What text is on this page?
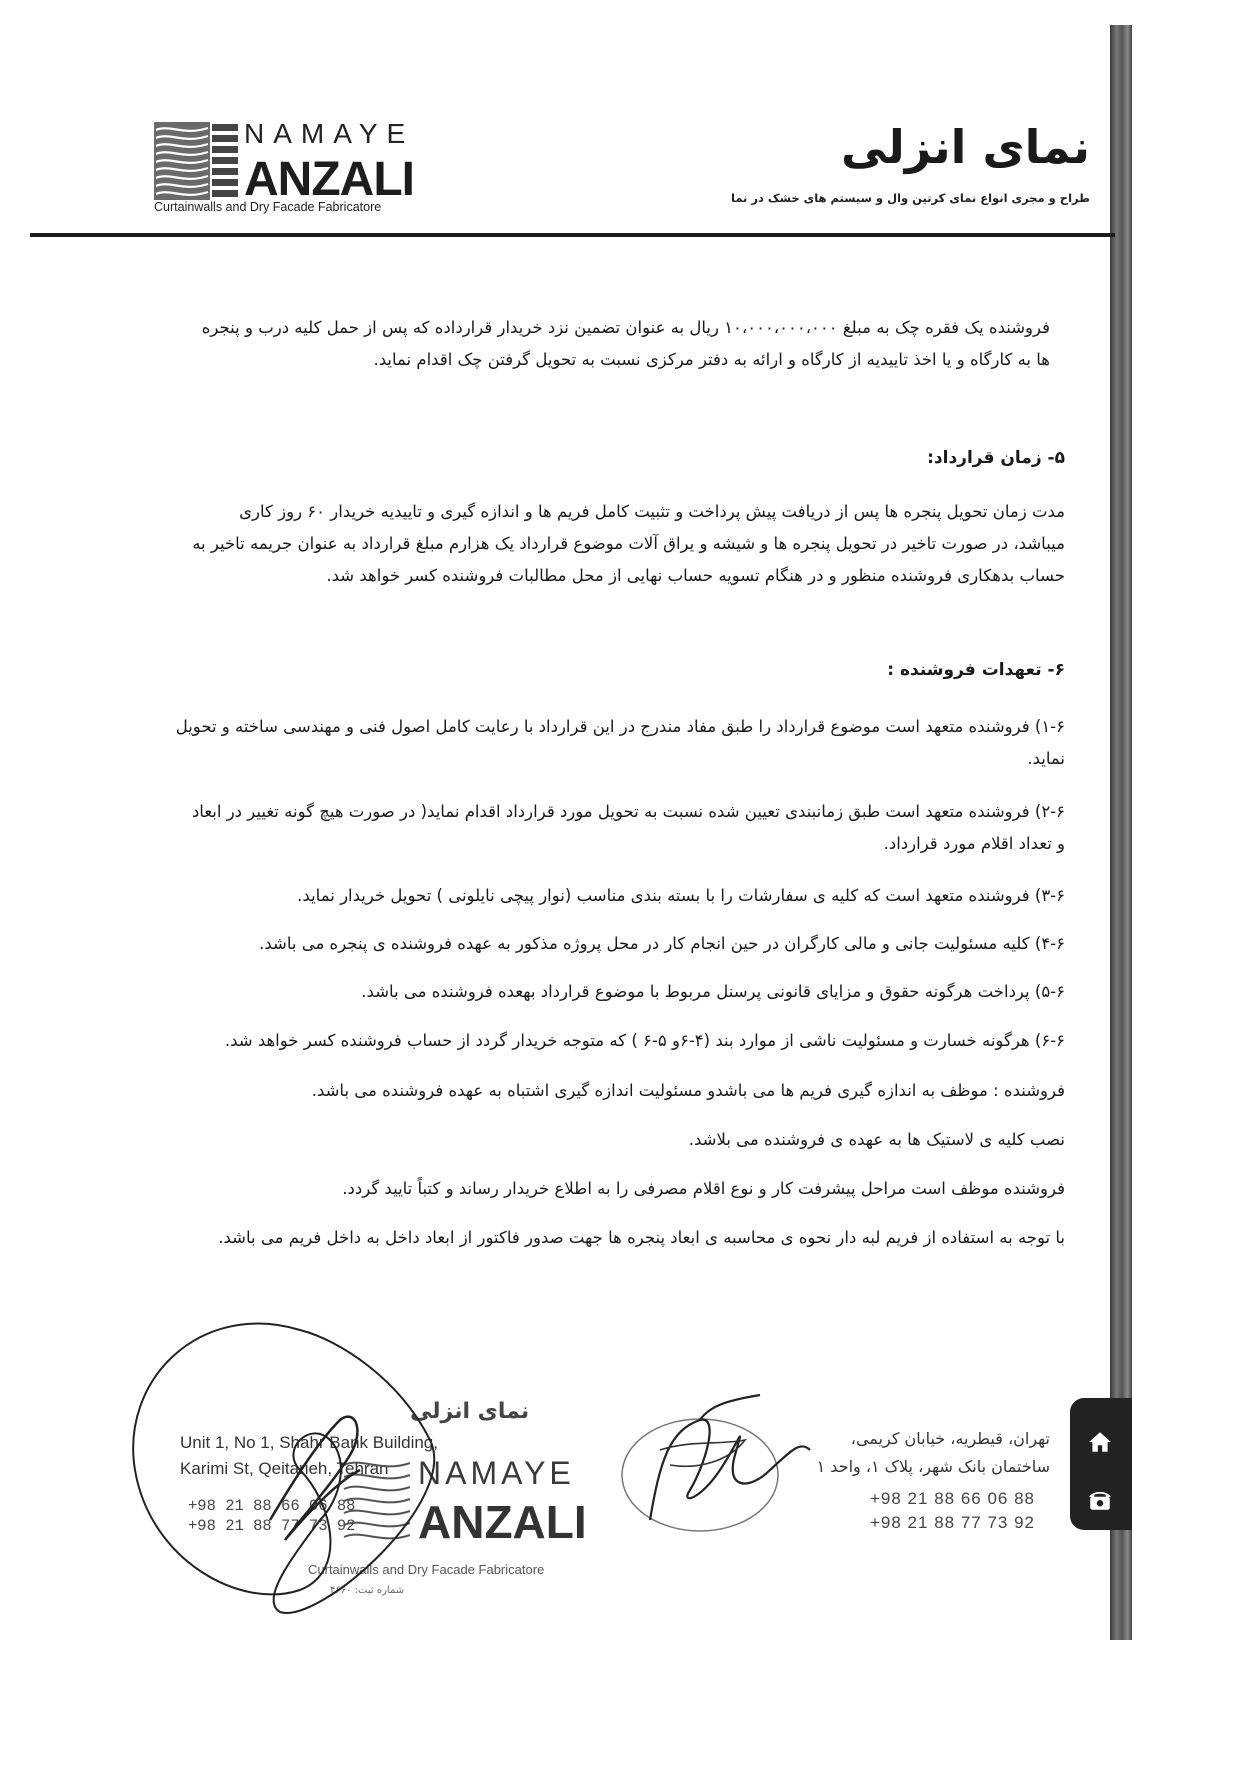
NAMAYE
ANZALI
Curtainwalls and Dry Facade Fabricatore
نمای انزلی
طراح و مجری انواع نمای کرتین وال و سیستم های خشک در نما
فروشنده یک فقره چک به مبلغ ۱۰،۰۰۰،۰۰۰،۰۰۰ ریال به عنوان تضمین نزد خریدار قرارداده که پس از حمل کلیه درب و پنجره
ها به کارگاه و یا اخذ تاییدیه از کارگاه و ارائه به دفتر مرکزی نسبت به تحویل گرفتن چک اقدام نماید.
۵- زمان قرارداد:
مدت زمان تحویل پنجره ها پس از دریافت پیش پرداخت و تثبیت کامل فریم ها و اندازه گیری و تاییدیه خریدار ۶۰ روز کاری
میباشد، در صورت تاخیر در تحویل پنجره ها و شیشه و یراق آلات موضوع قرارداد یک هزارم مبلغ قرارداد به عنوان جریمه تاخیر به
حساب بدهکاری فروشنده منظور و در هنگام تسویه حساب نهایی از محل مطالبات فروشنده کسر خواهد شد.
۶- تعهدات فروشنده :
۱-۶) فروشنده متعهد است موضوع قرارداد را طبق مفاد مندرج در این قرارداد با رعایت کامل اصول فنی و مهندسی ساخته و تحویل
نماید.
۲-۶) فروشنده متعهد است طبق زمانبندی تعیین شده نسبت به تحویل مورد قرارداد اقدام نماید( در صورت هیچ گونه تغییر در ابعاد
و تعداد اقلام مورد قرارداد.
۳-۶) فروشنده متعهد است که کلیه ی سفارشات را با بسته بندی مناسب (نوار پیچی نایلونی ) تحویل خریدار نماید.
۴-۶) کلیه مسئولیت جانی و مالی کارگران در حین انجام کار در محل پروژه مذکور به عهده فروشنده ی پنجره می باشد.
۵-۶) پرداخت هرگونه حقوق و مزایای قانونی پرسنل مربوط با موضوع قرارداد بهعده فروشنده می باشد.
۶-۶) هرگونه خسارت و مسئولیت ناشی از موارد بند (۴-۶و ۵-۶ ) که متوجه خریدار گردد از حساب فروشنده کسر خواهد شد.
فروشنده : موظف به اندازه گیری فریم ها می باشدو مسئولیت اندازه گیری اشتباه به عهده فروشنده می باشد.
نصب کلیه ی لاستیک ها به عهده ی فروشنده می بلاشد.
فروشنده موظف است مراحل پیشرفت کار و نوع اقلام مصرفی را به اطلاع خریدار رساند و کتباً تایید گردد.
با توجه به استفاده از فریم لبه دار نحوه ی محاسبه ی ابعاد پنجره ها جهت صدور فاکتور از ابعاد داخل به داخل فریم می باشد.
Unit 1, No 1, Shahr Bank Building,
Karimi St, Qeitarieh, Tehran
+98 21 88 66 06 88
+98 21 88 77 73 92
تهران، قیطریه، خیابان کریمی،
ساختمان بانک شهر، پلاک ۱، واحد ۱
+98 21 88 66 06 88
+98 21 88 77 73 92
نمای انزلی
NAMAYE
ANZALI
Curtainwalls and Dry Facade Fabricatore
شماره ثبت: ۴۶۶۰
